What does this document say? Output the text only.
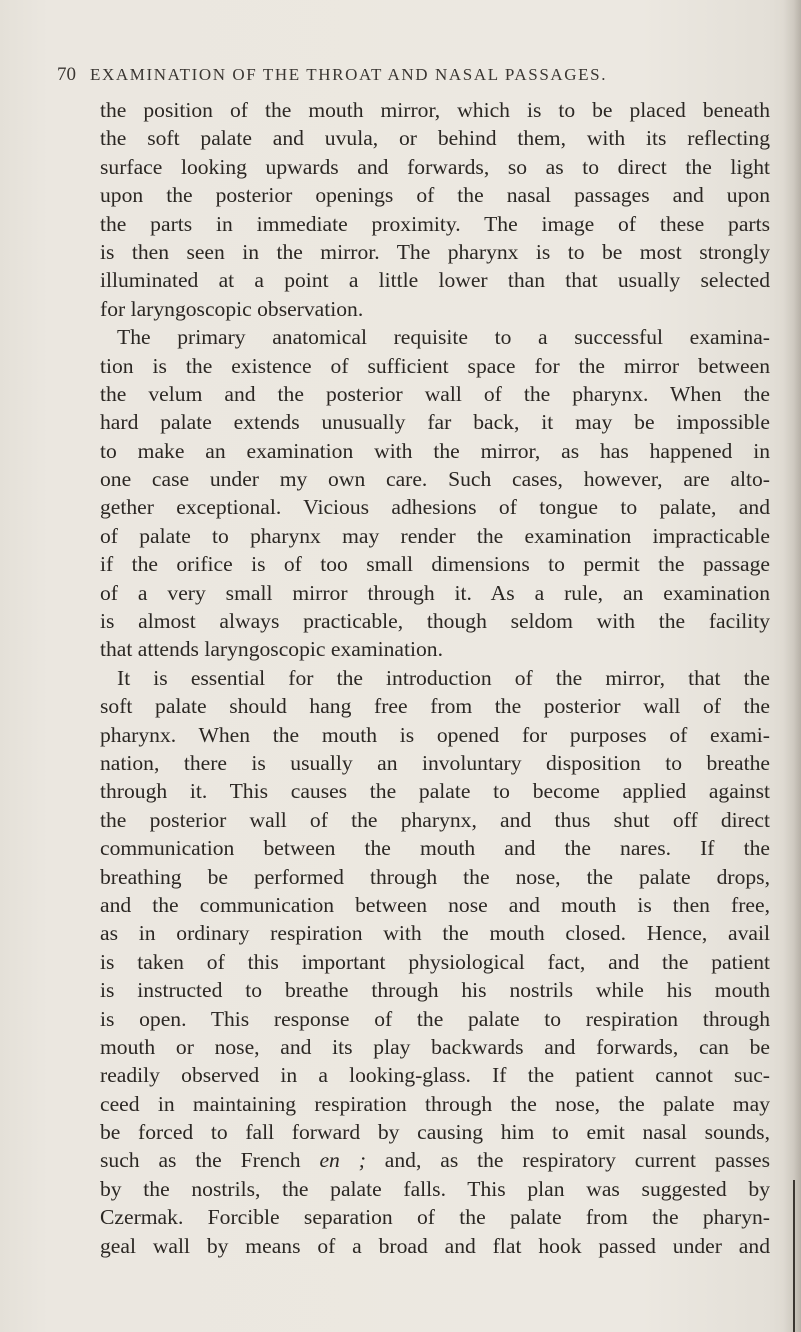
70 EXAMINATION OF THE THROAT AND NASAL PASSAGES.
the position of the mouth mirror, which is to be placed beneath
the soft palate and uvula, or behind them, with its reflecting
surface looking upwards and forwards, so as to direct the light
upon the posterior openings of the nasal passages and upon
the parts in immediate proximity. The image of these parts
is then seen in the mirror. The pharynx is to be most strongly
illuminated at a point a little lower than that usually selected
for laryngoscopic observation.
The primary anatomical requisite to a successful examina-
tion is the existence of sufficient space for the mirror between
the velum and the posterior wall of the pharynx. When the
hard palate extends unusually far back, it may be impossible
to make an examination with the mirror, as has happened in
one case under my own care. Such cases, however, are alto-
gether exceptional. Vicious adhesions of tongue to palate, and
of palate to pharynx may render the examination impracticable
if the orifice is of too small dimensions to permit the passage
of a very small mirror through it. As a rule, an examination
is almost always practicable, though seldom with the facility
that attends laryngoscopic examination.
It is essential for the introduction of the mirror, that the
soft palate should hang free from the posterior wall of the
pharynx. When the mouth is opened for purposes of exami-
nation, there is usually an involuntary disposition to breathe
through it. This causes the palate to become applied against
the posterior wall of the pharynx, and thus shut off direct
communication between the mouth and the nares. If the
breathing be performed through the nose, the palate drops,
and the communication between nose and mouth is then free,
as in ordinary respiration with the mouth closed. Hence, avail
is taken of this important physiological fact, and the patient
is instructed to breathe through his nostrils while his mouth
is open. This response of the palate to respiration through
mouth or nose, and its play backwards and forwards, can be
readily observed in a looking-glass. If the patient cannot suc-
ceed in maintaining respiration through the nose, the palate may
be forced to fall forward by causing him to emit nasal sounds,
such as the French en ; and, as the respiratory current passes
by the nostrils, the palate falls. This plan was suggested by
Czermak. Forcible separation of the palate from the pharyn-
geal wall by means of a broad and flat hook passed under and
